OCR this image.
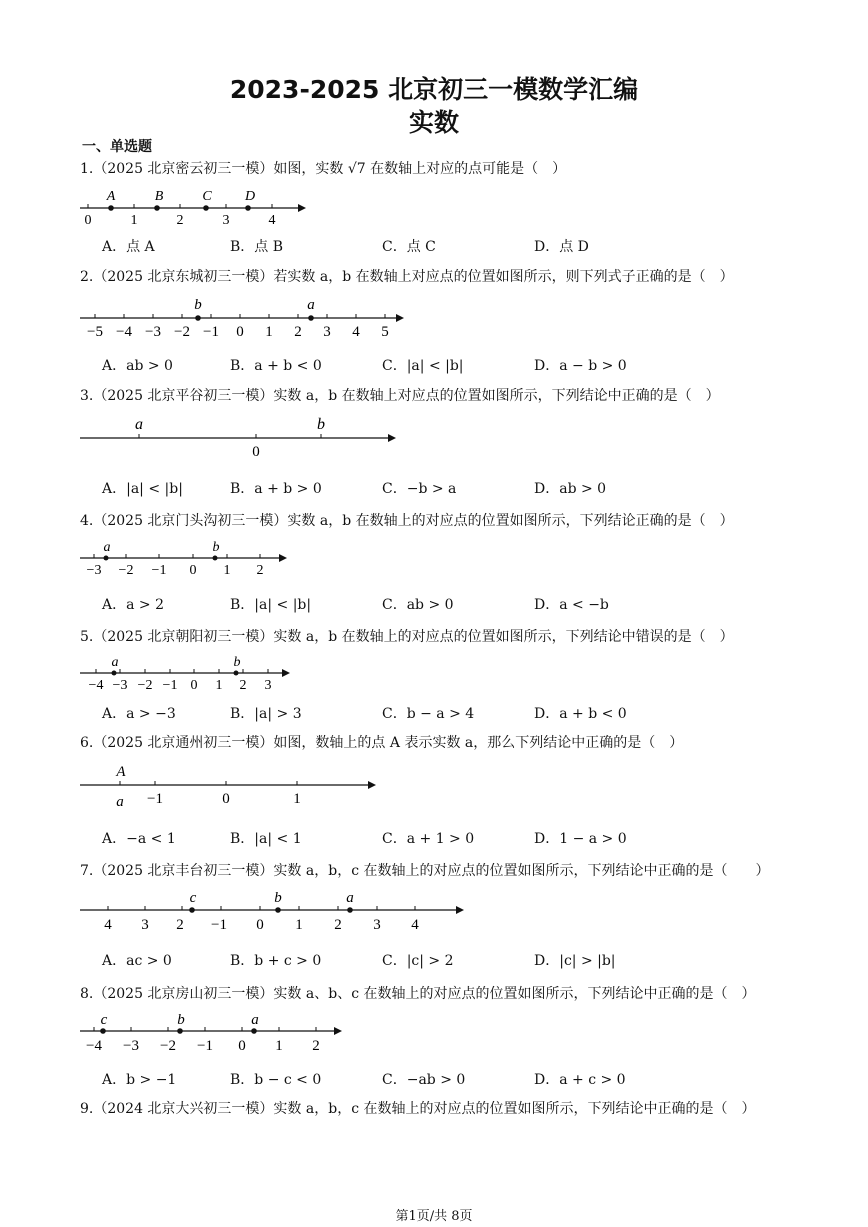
2023-2025 北京初三一模数学汇编
实数
一、单选题
1.（2025 北京密云初三一模）如图，实数 √7 在数轴上对应的点可能是（　）
A	B	C D
0	1	2	3	4
A．点 A	B．点 B	C．点 C	D．点 D
2.（2025 北京东城初三一模）若实数 a，b 在数轴上对应点的位置如图所示，则下列式子正确的是（　）
b	a
−5 −4 −3 −2 −1 0 1 2 3 4 5
A．ab > 0	B．a + b < 0	C．|a| < |b|	D．a − b > 0
3.（2025 北京平谷初三一模）实数 a，b 在数轴上对应点的位置如图所示，下列结论中正确的是（　）
a	b
0
A．|a| < |b|	B．a + b > 0	C．−b > a	D．ab > 0
4.（2025 北京门头沟初三一模）实数 a，b 在数轴上的对应点的位置如图所示，下列结论正确的是（　）
a	b
−3 −2 −1 0 1 2
A．a > 2	B．|a| < |b|	C．ab > 0	D．a < −b
5.（2025 北京朝阳初三一模）实数 a，b 在数轴上的对应点的位置如图所示，下列结论中错误的是（　）
a	b
−4 −3 −2 −1 0 1 2 3
A．a > −3	B．|a| > 3	C．b − a > 4	D．a + b < 0
6.（2025 北京通州初三一模）如图，数轴上的点 A 表示实数 a，那么下列结论中正确的是（　）
A
a −1	0	1
A．−a < 1	B．|a| < 1	C．a + 1 > 0	D．1 − a > 0
7.（2025 北京丰台初三一模）实数 a，b，c 在数轴上的对应点的位置如图所示，下列结论中正确的是（　　）
c	b	a
4 3 2 −1 0 1 2 3 4
A．ac > 0	B．b + c > 0	C．|c| > 2	D．|c| > |b|
8.（2025 北京房山初三一模）实数 a、b、c 在数轴上的对应点的位置如图所示，下列结论中正确的是（　）
c	b	a
−4 −3 −2 −1 0 1 2
A．b > −1	B．b − c < 0	C．−ab > 0	D．a + c > 0
9.（2024 北京大兴初三一模）实数 a，b，c 在数轴上的对应点的位置如图所示，下列结论中正确的是（　）
第1页/共 8页
